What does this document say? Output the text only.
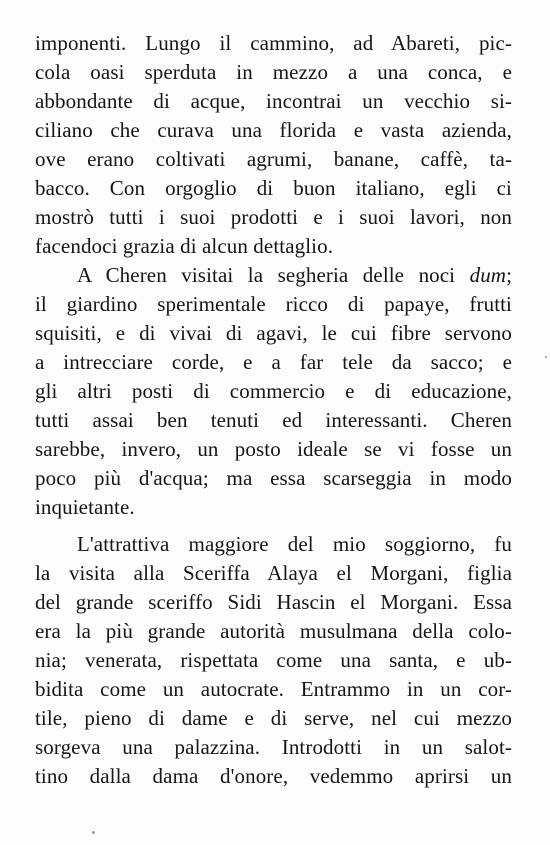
imponenti. Lungo il cammino, ad Abareti, pic-
cola oasi sperduta in mezzo a una conca, e
abbondante di acque, incontrai un vecchio si-
ciliano che curava una florida e vasta azienda,
ove erano coltivati agrumi, banane, caffè, ta-
bacco. Con orgoglio di buon italiano, egli ci
mostrò tutti i suoi prodotti e i suoi lavori, non
facendoci grazia di alcun dettaglio.
A Cheren visitai la segheria delle noci dum;
il giardino sperimentale ricco di papaye, frutti
squisiti, e di vivai di agavi, le cui fibre servono
a intrecciare corde, e a far tele da sacco; e
gli altri posti di commercio e di educazione,
tutti assai ben tenuti ed interessanti. Cheren
sarebbe, invero, un posto ideale se vi fosse un
poco più d'acqua; ma essa scarseggia in modo
inquietante.
L'attrattiva maggiore del mio soggiorno, fu
la visita alla Sceriffa Alaya el Morgani, figlia
del grande sceriffo Sidi Hascin el Morgani. Essa
era la più grande autorità musulmana della colo-
nia; venerata, rispettata come una santa, e ub-
bidita come un autocrate. Entrammo in un cor-
tile, pieno di dame e di serve, nel cui mezzo
sorgeva una palazzina. Introdotti in un salot-
tino dalla dama d'onore, vedemmo aprirsi un
